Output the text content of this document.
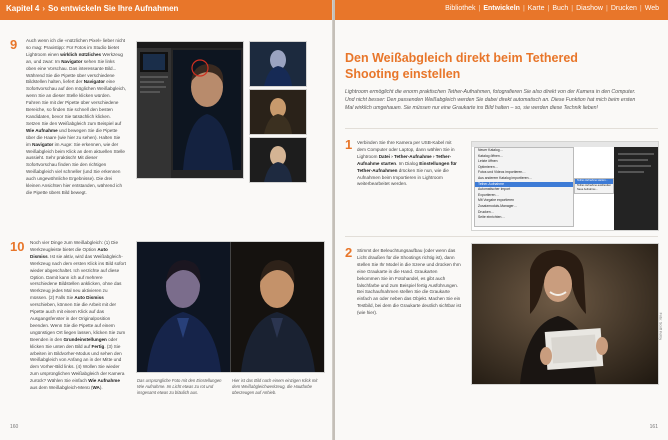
Kapitel 4 › So entwickeln Sie Ihre Aufnahmen
9 Auch wenn ich die «nützlichen Pixel» lieber nicht so mag: Praxistipp: Für Fotos im Studio bietet Lightroom einen wirklich nützliches Werkzeug an, und zwar: Im Navigator sehen Sie links oben eine Vorschau. Das interessante Bild... Während Sie die Pipette über verschiedene Bildstellen halten, liefert der Navigator eine Sofortvorschau auf den möglichen Weißabgleich, wenn Sie an dieser Stelle klicken würden. Fahren Sie mit der Pipette über verschiedene Bereiche, so finden Sie schnell den besten Kandidaten, bevor Sie tatsächlich klicken. Setzen Sie den Weißabgleich zum Beispiel auf Wie Aufnahme und bewegen Sie die Pipette über die Haare (wie hier zu sehen). Halten Sie im Navigator im Auge: Sie erkennen, wie der Weißabgleich beim Klick an dem aktuellen Stelle aussieht. Sehr praktisch! Mit dieser Sofortvorschau finden Sie den richtigen Weißabgleich viel schneller (und Sie erkennen auch ungewöhnliche Ergebnisse). Die drei kleinen Ansichten hier entstanden, während ich die Pipette übers Bild bewegt.
10 Noch vier Dinge zum Weißabgleich: (1) Die Werkzeugleiste bietet die Option Auto Dismiss. Ist sie aktiv, wird das Weißabgleich-Werkzeug nach dem ersten Klick ins Bild sofort wieder abgeschaltet. Ich verzichte auf diese Option. Damit kann ich auf mehrere verschiedene Bildstellen anklicken, ohne das Werkzeug jedes Mal neu aktivieren zu müssen. (2) Falls Sie Auto Dismiss verschieben, können Sie die Arbeit mit der Pipette auch mit einem Klick auf das Ausgangsfenster in der Originalposition beenden. Wenn Sie die Pipette auf einem ungünstigen Ort liegen lassen, klicken Sie zum Beenden in den Grundeinstellungen oder klicken Sie unten den Bild auf Fertig. (3) Sie arbeiten im Bildvorher-Modus und sehen den Weißabgleich von Anfang an in der Mitte und dem Vorher-Bild links. (4) Wollen Sie wieder zum ursprünglichen Weißabgleich der Kamera zurück? Wählen Sie einfach Wie Aufnahme aus dem Weißabgleich-Menü (WA).
Das ursprüngliche Foto mit den Einstellungen Wie Aufnahme. Im Licht etwas zu rot und insgesamt etwas zu bläulich aus.
Hier ist das Bild nach einem einzigen Klick mit dem Weißabgleichwerkzeug, die Hautfarbe überzeugen auf Anhieb.
160
Bibliothek | Entwickeln | Karte | Buch | Diashow | Drucken | Web
Den Weißabgleich direkt beim Tethered Shooting einstellen
Lightroom ermöglicht die enorm praktischen Tether-Aufnahmen, fotografieren Sie also direkt von der Kamera in den Computer. Und nicht besser: Den passenden Weißabgleich werden Sie dabei direkt automatisch an. Diese Funktion hat mich beim ersten Mal wirklich umgehauen. Sie müssen nur eine Graukarte ins Bild halten – so, sie werden diese Technik lieben!
1 Verbinden Sie Ihre Kamera per USB-Kabel mit dem Computer oder Laptop, dann wählen Sie in Lightroom Datei › Tether-Aufnahme › Tether-Aufnahme starten. Im Dialog Einstellungen für Tether-Aufnahmen drücken Sie nun, wie die Aufnahmen beim Importieren in Lightroom weiterbearbeitet werden.
Neuer Katalog…
Katalog öffnen…
Letzte öffnen
Optimieren…
Fotos und Videos importieren…
Aus anderem Katalog importieren…
Tether-Aufnahme
Automatischer Import
Exportieren…
Mit Vorgabe exportieren
Zusatzmoduls-Manager…
Drucken…
Seite einrichten…
Tether-Aufnahme starten…
Tether-Aufnahme ausblenden
Neue Aufnahme…
2 Stimmt der Beleuchtungsaufbau (oder wenn das Licht draußen für die Shootings richtig ist), dann stellen Sie Ihr Model in die Szene und drücken Ihm eine Graukarte in die Hand. Graukarten bekommen Sie im Fotohandel, es gibt auch falschfarbe und zum Beispiel fertig Ausführungen. Bei Sachaufnahmen stellen Sie die Graukarte einfach an oder neben das Objekt. Machen Sie ein Testbild, bei dem die Graukarte deutlich sichtbar ist (wie hier).	Foto: Scott Kelby
161
